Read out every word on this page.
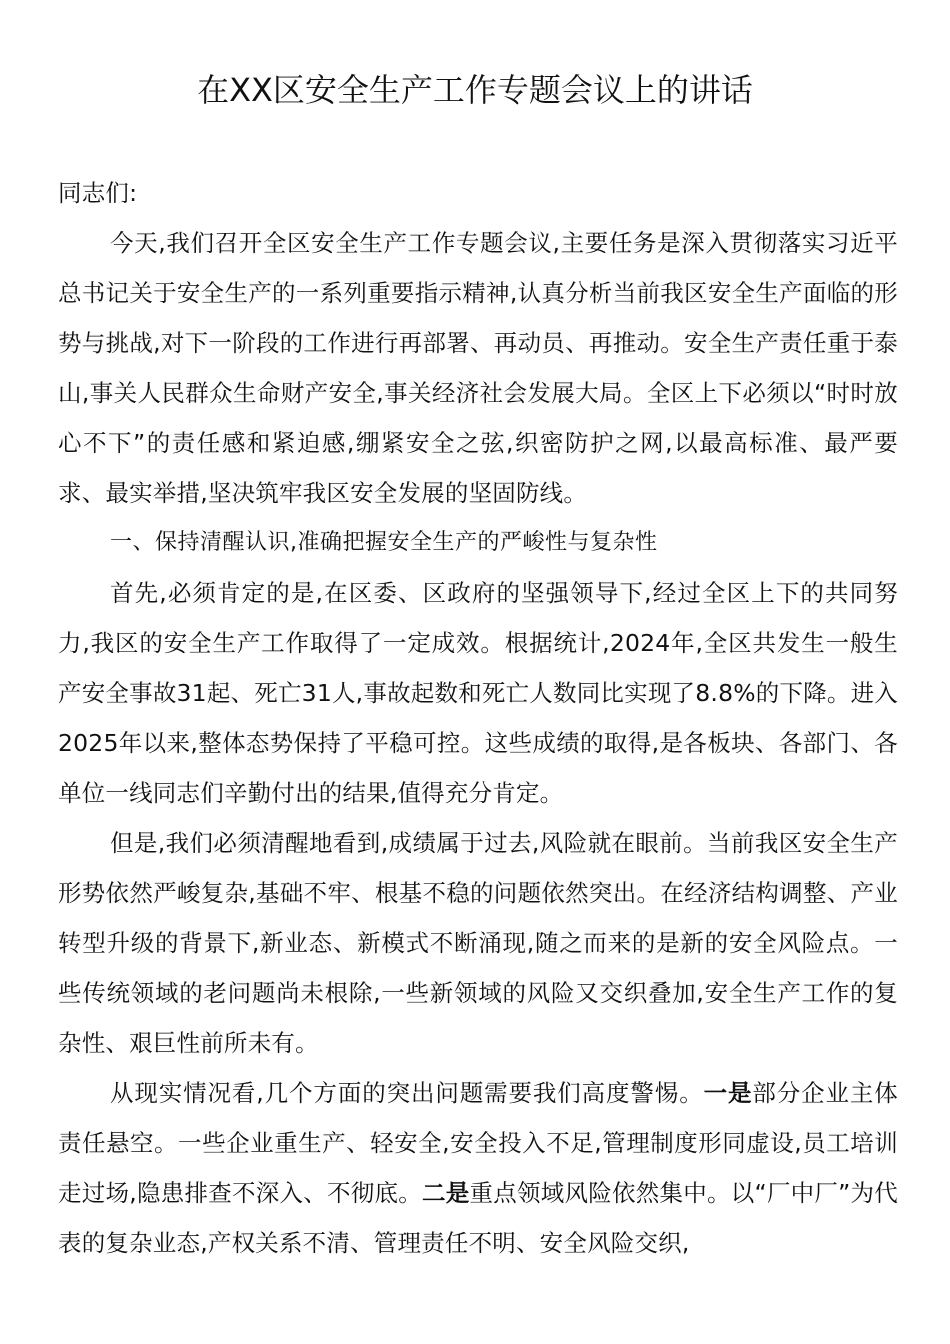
在XX区安全生产工作专题会议上的讲话

同志们:

今天,我们召开全区安全生产工作专题会议,主要任务是深入贯彻落实习近平总书记关于安全生产的一系列重要指示精神,认真分析当前我区安全生产面临的形势与挑战,对下一阶段的工作进行再部署、再动员、再推动。安全生产责任重于泰山,事关人民群众生命财产安全,事关经济社会发展大局。全区上下必须以“时时放心不下”的责任感和紧迫感,绷紧安全之弦,织密防护之网,以最高标准、最严要求、最实举措,坚决筑牢我区安全发展的坚固防线。

一、保持清醒认识,准确把握安全生产的严峻性与复杂性

首先,必须肯定的是,在区委、区政府的坚强领导下,经过全区上下的共同努力,我区的安全生产工作取得了一定成效。根据统计,2024年,全区共发生一般生产安全事故31起、死亡31人,事故起数和死亡人数同比实现了8.8%的下降。进入2025年以来,整体态势保持了平稳可控。这些成绩的取得,是各板块、各部门、各单位一线同志们辛勤付出的结果,值得充分肯定。

但是,我们必须清醒地看到,成绩属于过去,风险就在眼前。当前我区安全生产形势依然严峻复杂,基础不牢、根基不稳的问题依然突出。在经济结构调整、产业转型升级的背景下,新业态、新模式不断涌现,随之而来的是新的安全风险点。一些传统领域的老问题尚未根除,一些新领域的风险又交织叠加,安全生产工作的复杂性、艰巨性前所未有。

从现实情况看,几个方面的突出问题需要我们高度警惕。一是部分企业主体责任悬空。一些企业重生产、轻安全,安全投入不足,管理制度形同虚设,员工培训走过场,隐患排查不深入、不彻底。二是重点领域风险依然集中。以“厂中厂”为代表的复杂业态,产权关系不清、管理责任不明、安全风险交织,
